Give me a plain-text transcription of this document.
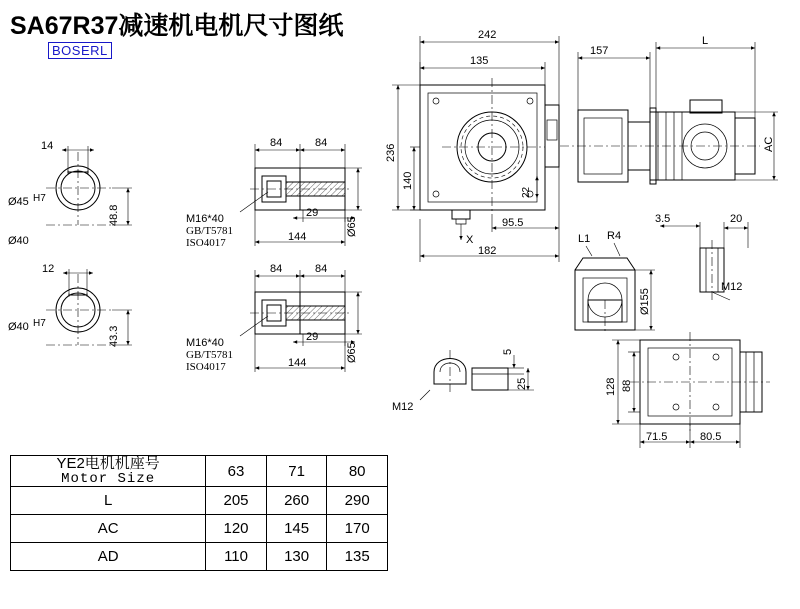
SA67R37减速机电机尺寸图纸
BOSERL
14
Ø45 H7
Ø40
48.8
12
Ø40 H7
43.3
84	84
29
144	Ø65
M16*40
GB/T5781
ISO4017
84	84
29
144	Ø65
M16*40
GB/T5781
ISO4017
242
135
157
L
236
140
22
AC
X
95.5
182
L1 R4
Ø155
3.5	20
M12
5
25
M12
128 88
71.5	80.5
YE2电机机座号
Motor Size	63	71	80
L	205	260	290
AC	120	145	170
AD	110	130	135
